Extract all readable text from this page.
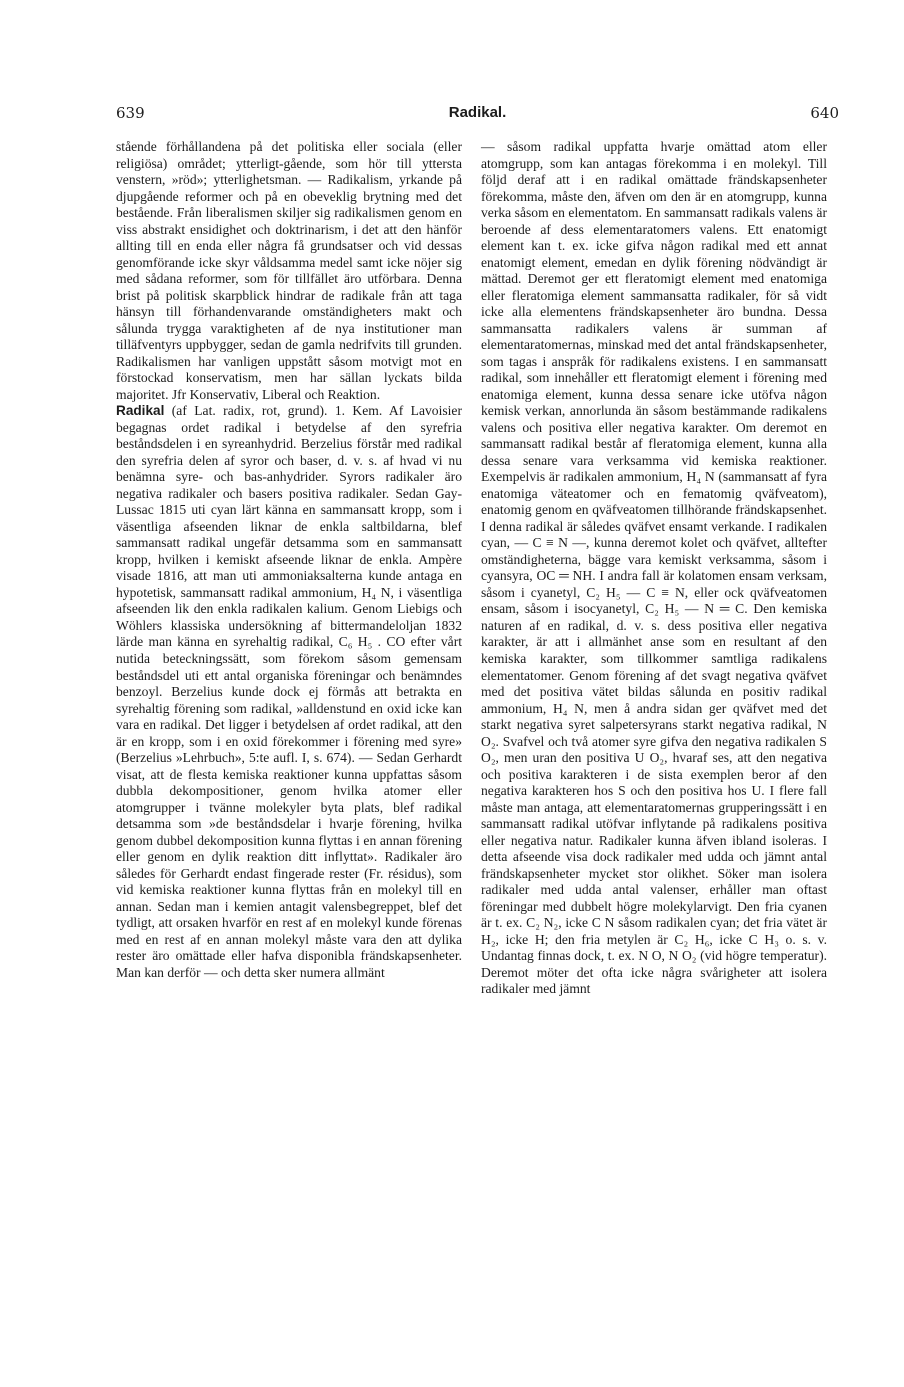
639	Radikal.	640

stående förhållandena på det politiska eller sociala (eller religiösa) området; ytterligt-gående, som hör till yttersta venstern, »röd»; ytterlighetsman. — Radikalism, yrkande på djupgående reformer och på en obeveklig brytning med det bestående. Från liberalismen skiljer sig radikalismen genom en viss abstrakt ensidighet och doktrinarism, i det att den hänför allting till en enda eller några få grundsatser och vid dessas genomförande icke skyr våldsamma medel samt icke nöjer sig med sådana reformer, som för tillfället äro utförbara. Denna brist på politisk skarpblick hindrar de radikale från att taga hänsyn till förhandenvarande omständigheters makt och sålunda trygga varaktigheten af de nya institutioner man tilläfventyrs uppbygger, sedan de gamla nedrifvits till grunden. Radikalismen har vanligen uppstått såsom motvigt mot en förstockad konservatism, men har sällan lyckats bilda majoritet. Jfr Konservativ, Liberal och Reaktion.

Radikal (af Lat. radix, rot, grund). 1. Kem. Af Lavoisier begagnas ordet radikal i betydelse af den syrefria beståndsdelen i en syreanhydrid. Berzelius förstår med radikal den syrefria delen af syror och baser, d. v. s. af hvad vi nu benämna syre- och bas-anhydrider. Syrors radikaler äro negativa radikaler och basers positiva radikaler. Sedan Gay-Lussac 1815 uti cyan lärt känna en sammansatt kropp, som i väsentliga afseenden liknar de enkla saltbildarna, blef sammansatt radikal ungefär detsamma som en sammansatt kropp, hvilken i kemiskt afseende liknar de enkla. Ampère visade 1816, att man uti ammoniaksalterna kunde antaga en hypotetisk, sammansatt radikal ammonium, H₄ N, i väsentliga afseenden lik den enkla radikalen kalium. Genom Liebigs och Wöhlers klassiska undersökning af bittermandeloljan 1832 lärde man känna en syrehaltig radikal, C₆ H₅ . CO efter vårt nutida beteckningssätt, som förekom såsom gemensam beståndsdel uti ett antal organiska föreningar och benämndes benzoyl. Berzelius kunde dock ej förmås att betrakta en syrehaltig förening som radikal, »alldenstund en oxid icke kan vara en radikal. Det ligger i betydelsen af ordet radikal, att den är en kropp, som i en oxid förekommer i förening med syre» (Berzelius »Lehrbuch», 5:te aufl. I, s. 674). — Sedan Gerhardt visat, att de flesta kemiska reaktioner kunna uppfattas såsom dubbla dekompositioner, genom hvilka atomer eller atomgrupper i tvänne molekyler byta plats, blef radikal detsamma som »de beståndsdelar i hvarje förening, hvilka genom dubbel dekomposition kunna flyttas i en annan förening eller genom en dylik reaktion ditt inflyttat». Radikaler äro således för Gerhardt endast fingerade rester (Fr. résidus), som vid kemiska reaktioner kunna flyttas från en molekyl till en annan. Sedan man i kemien antagit valensbegreppet, blef det tydligt, att orsaken hvarför en rest af en molekyl kunde förenas med en rest af en annan molekyl måste vara den att dylika rester äro omättade eller hafva disponibla frändskapsenheter. Man kan derför — och detta sker numera allmänt

— såsom radikal uppfatta hvarje omättad atom eller atomgrupp, som kan antagas förekomma i en molekyl. Till följd deraf att i en radikal omättade frändskapsenheter förekomma, måste den, äfven om den är en atomgrupp, kunna verka såsom en elementatom. En sammansatt radikals valens är beroende af dess elementaratomers valens. Ett enatomigt element kan t. ex. icke gifva någon radikal med ett annat enatomigt element, emedan en dylik förening nödvändigt är mättad. Deremot ger ett fleratomigt element med enatomiga eller fleratomiga element sammansatta radikaler, för så vidt icke alla elementens frändskapsenheter äro bundna. Dessa sammansatta radikalers valens är summan af elementaratomernas, minskad med det antal frändskapsenheter, som tagas i anspråk för radikalens existens. I en sammansatt radikal, som innehåller ett fleratomigt element i förening med enatomiga element, kunna dessa senare icke utöfva någon kemisk verkan, annorlunda än såsom bestämmande radikalens valens och positiva eller negativa karakter. Om deremot en sammansatt radikal består af fleratomiga element, kunna alla dessa senare vara verksamma vid kemiska reaktioner. Exempelvis är radikalen ammonium, H₄ N (sammansatt af fyra enatomiga väteatomer och en fematomig qväfveatom), enatomig genom en qväfveatomen tillhörande frändskapsenhet. I denna radikal är således qväfvet ensamt verkande. I radikalen cyan, — C ≡ N —, kunna deremot kolet och qväfvet, alltefter omständigheterna, bägge vara kemiskt verksamma, såsom i cyansyra, OC ═ NH. I andra fall är kolatomen ensam verksam, såsom i cyanetyl, C₂ H₅ — C ≡ N, eller ock qväfveatomen ensam, såsom i isocyanetyl, C₂ H₅ — N ═ C. Den kemiska naturen af en radikal, d. v. s. dess positiva eller negativa karakter, är att i allmänhet anse som en resultant af den kemiska karakter, som tillkommer samtliga radikalens elementatomer. Genom förening af det svagt negativa qväfvet med det positiva vätet bildas sålunda en positiv radikal ammonium, H₄ N, men å andra sidan ger qväfvet med det starkt negativa syret salpetersyrans starkt negativa radikal, N O₂. Svafvel och två atomer syre gifva den negativa radikalen S O₂, men uran den positiva U O₂, hvaraf ses, att den negativa och positiva karakteren i de sista exemplen beror af den negativa karakteren hos S och den positiva hos U. I flere fall måste man antaga, att elementaratomernas grupperingssätt i en sammansatt radikal utöfvar inflytande på radikalens positiva eller negativa natur. Radikaler kunna äfven ibland isoleras. I detta afseende visa dock radikaler med udda och jämnt antal frändskapsenheter mycket stor olikhet. Söker man isolera radikaler med udda antal valenser, erhåller man oftast föreningar med dubbelt högre molekylarvigt. Den fria cyanen är t. ex. C₂ N₂, icke C N såsom radikalen cyan; det fria vätet är H₂, icke H; den fria metylen är C₂ H₆, icke C H₃ o. s. v. Undantag finnas dock, t. ex. N O, N O₂ (vid högre temperatur). Deremot möter det ofta icke några svårigheter att isolera radikaler med jämnt
